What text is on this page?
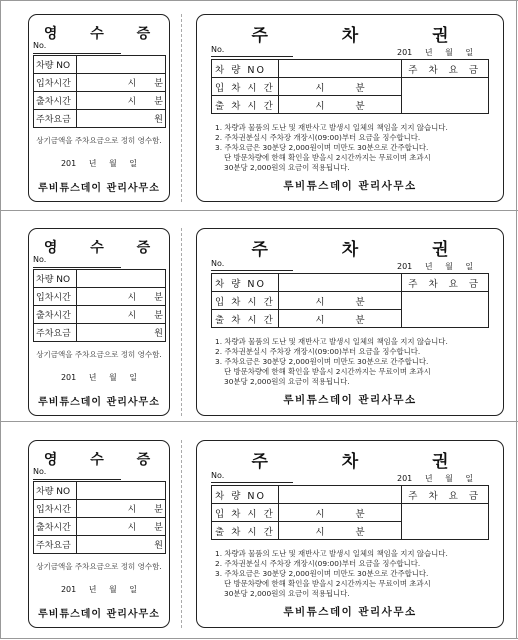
영 수 증
No.
차량 NO	
입차시간	시　　분
출차시간	시　　분
주차요금	원
상기금액을 주차요금으로 정히 영수함.
201 년 월 일
루비튜스데이 관리사무소
주 차 권
No.	201 년 월 일
차 량 NO		주 차 요 금
입 차 시 간	시 분	
출 차 시 간	시 분	
1. 차량과 물품의 도난 및 재반사고 발생시 일체의 책임을 지지 않습니다.
2. 주차권분실시 주차장 개장시(09:00)부터 요금을 징수합니다.
3. 주차요금은 30분당 2,000원이며 미만도 30분으로 간주합니다.
단 방문차량에 한해 확인을 받을시 2시간까지는 무료이며 초과시
30분당 2,000원의 요금이 적용됩니다.
루비튜스데이 관리사무소
영 수 증
No.
차량 NO	
입차시간	시　　분
출차시간	시　　분
주차요금	원
상기금액을 주차요금으로 정히 영수함.
201 년 월 일
루비튜스데이 관리사무소
주 차 권
No.	201 년 월 일
차 량 NO		주 차 요 금
입 차 시 간	시 분	
출 차 시 간	시 분	
1. 차량과 물품의 도난 및 재반사고 발생시 일체의 책임을 지지 않습니다.
2. 주차권분실시 주차장 개장시(09:00)부터 요금을 징수합니다.
3. 주차요금은 30분당 2,000원이며 미만도 30분으로 간주합니다.
단 방문차량에 한해 확인을 받을시 2시간까지는 무료이며 초과시
30분당 2,000원의 요금이 적용됩니다.
루비튜스데이 관리사무소
영 수 증
No.
차량 NO	
입차시간	시　　분
출차시간	시　　분
주차요금	원
상기금액을 주차요금으로 정히 영수함.
201 년 월 일
루비튜스데이 관리사무소
주 차 권
No.	201 년 월 일
차 량 NO		주 차 요 금
입 차 시 간	시 분	
출 차 시 간	시 분	
1. 차량과 물품의 도난 및 재반사고 발생시 일체의 책임을 지지 않습니다.
2. 주차권분실시 주차장 개장시(09:00)부터 요금을 징수합니다.
3. 주차요금은 30분당 2,000원이며 미만도 30분으로 간주합니다.
단 방문차량에 한해 확인을 받을시 2시간까지는 무료이며 초과시
30분당 2,000원의 요금이 적용됩니다.
루비튜스데이 관리사무소
